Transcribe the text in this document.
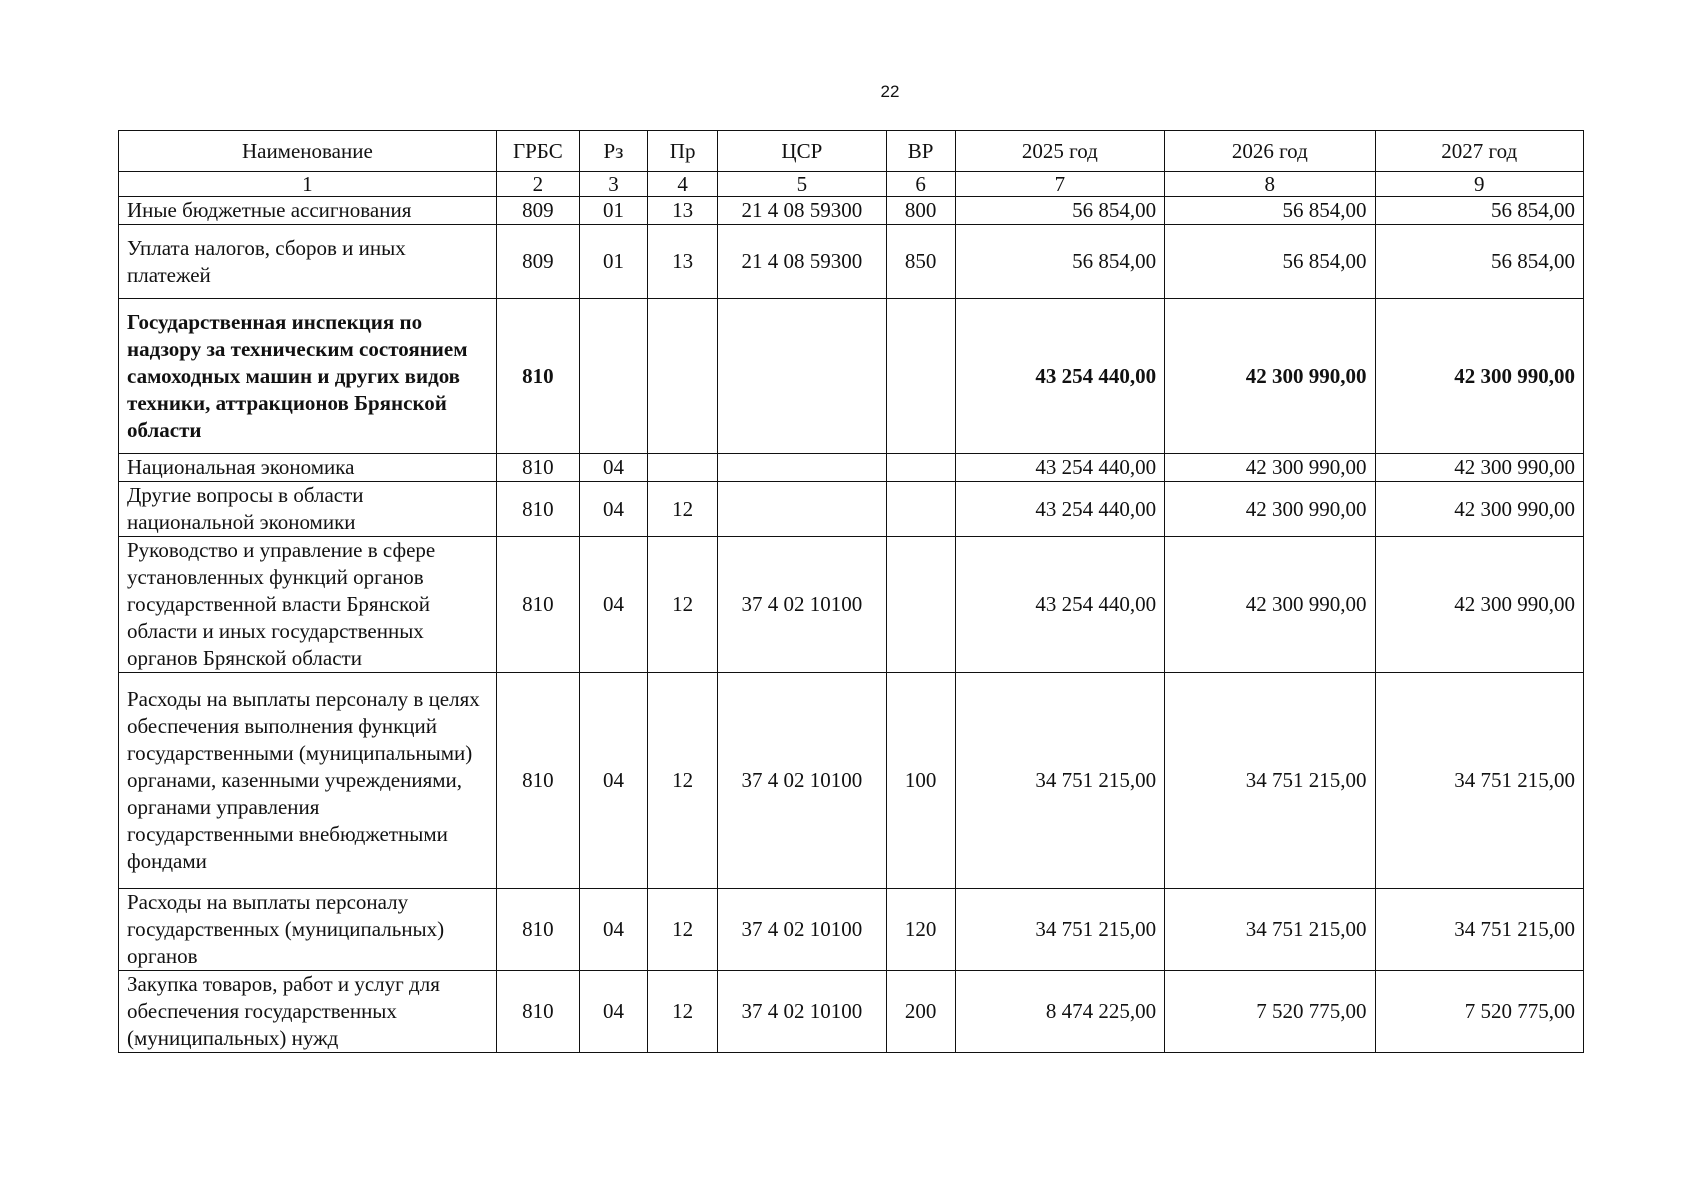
22
Наименование	ГРБС	Рз	Пр	ЦСР	ВР	2025 год	2026 год	2027 год
1	2	3	4	5	6	7	8	9
Иные бюджетные ассигнования	809	01	13	21 4 08 59300	800	56 854,00	56 854,00	56 854,00
Уплата налогов, сборов и иных платежей	809	01	13	21 4 08 59300	850	56 854,00	56 854,00	56 854,00
Государственная инспекция по надзору за техническим состоянием самоходных машин и других видов техники, аттракционов Брянской области	810					43 254 440,00	42 300 990,00	42 300 990,00
Национальная экономика	810	04				43 254 440,00	42 300 990,00	42 300 990,00
Другие вопросы в области национальной экономики	810	04	12			43 254 440,00	42 300 990,00	42 300 990,00
Руководство и управление в сфере установленных функций органов государственной власти Брянской области и иных государственных органов Брянской области	810	04	12	37 4 02 10100		43 254 440,00	42 300 990,00	42 300 990,00
Расходы на выплаты персоналу в целях обеспечения выполнения функций государственными (муниципальными) органами, казенными учреждениями, органами управления государственными внебюджетными фондами	810	04	12	37 4 02 10100	100	34 751 215,00	34 751 215,00	34 751 215,00
Расходы на выплаты персоналу государственных (муниципальных) органов	810	04	12	37 4 02 10100	120	34 751 215,00	34 751 215,00	34 751 215,00
Закупка товаров, работ и услуг для обеспечения государственных (муниципальных) нужд	810	04	12	37 4 02 10100	200	8 474 225,00	7 520 775,00	7 520 775,00
